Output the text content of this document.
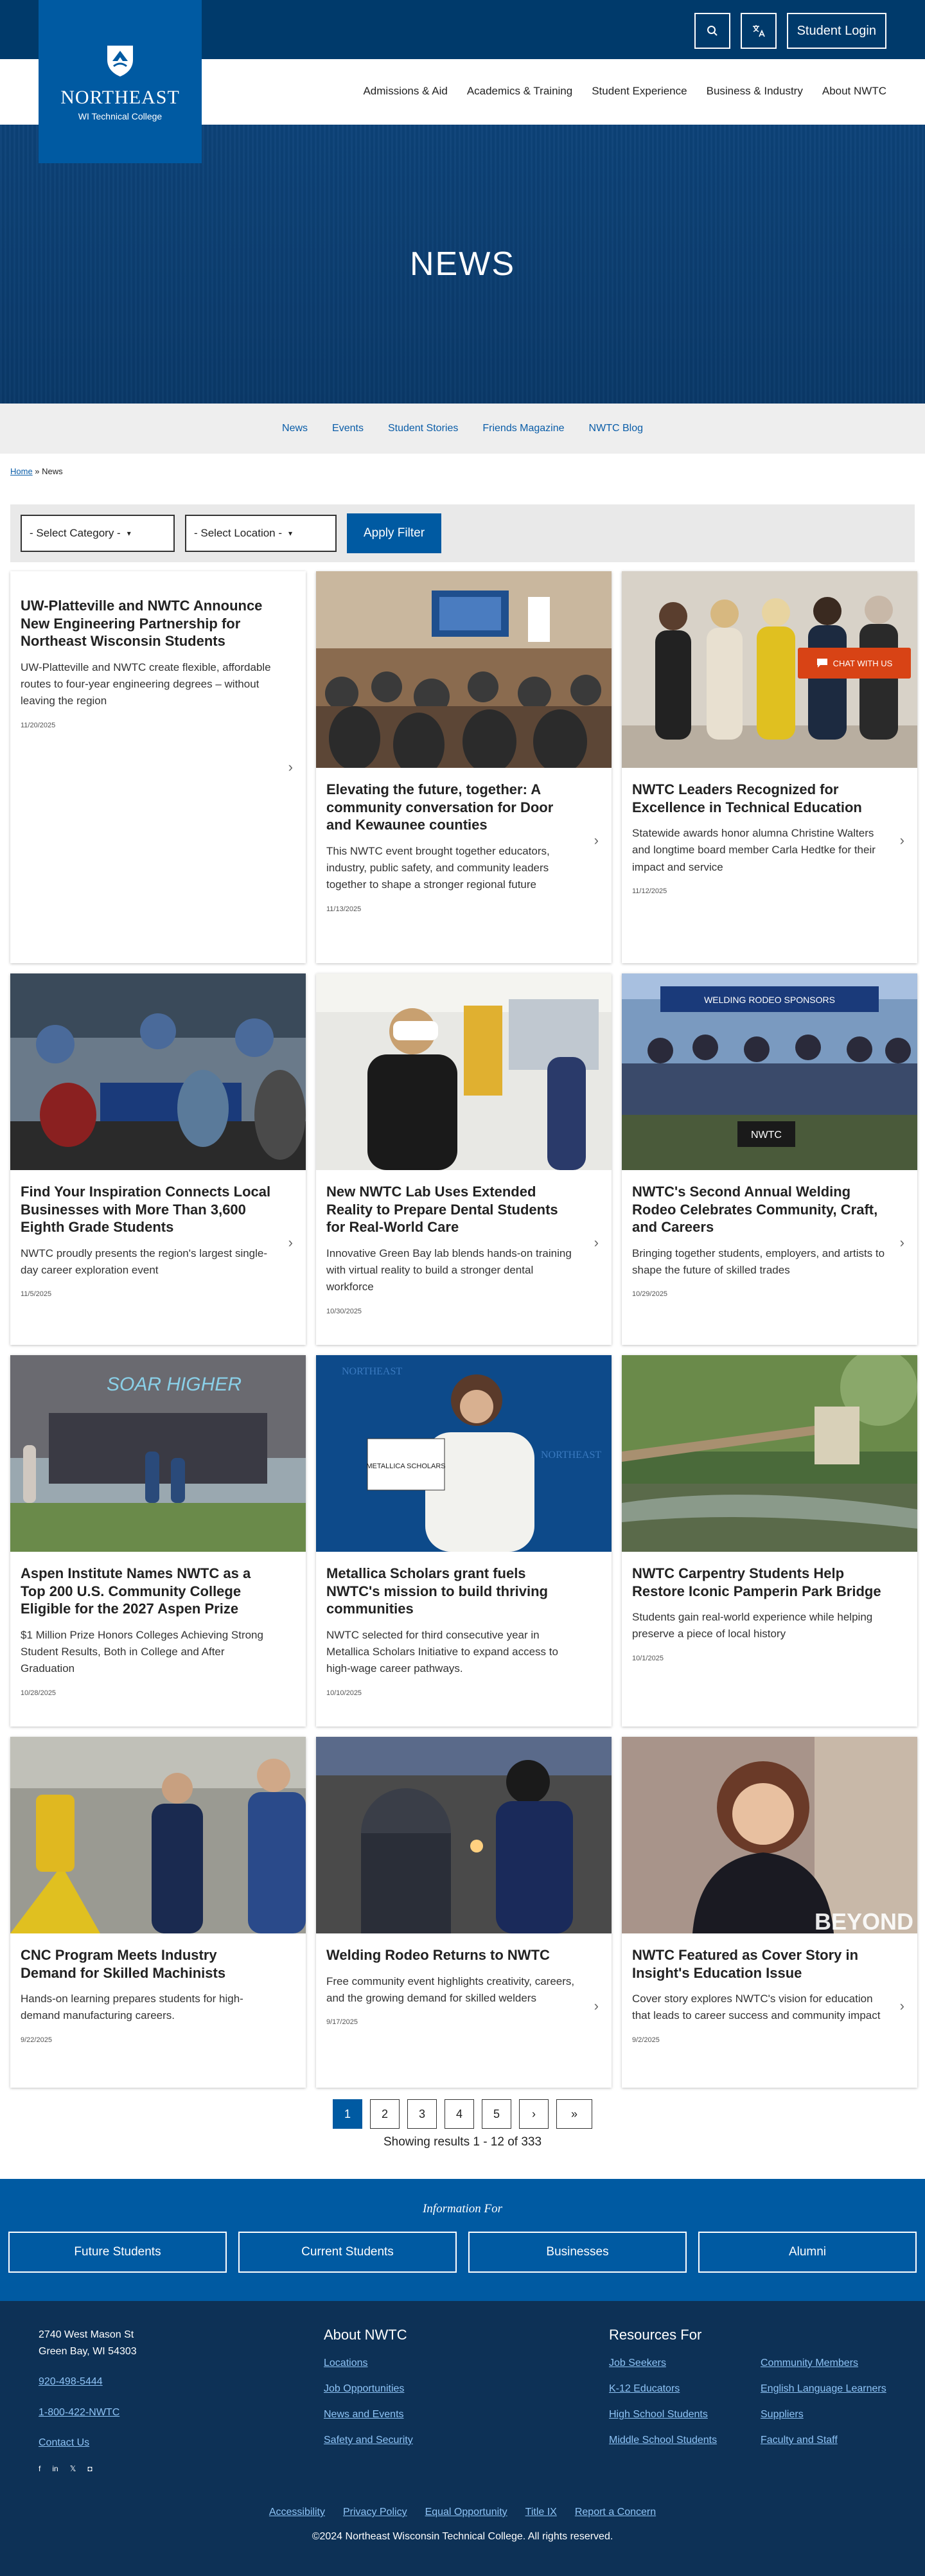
Student Login
NORTHEAST
WI Technical College
Admissions & Aid Academics & Training Student Experience Business & Industry About NWTC
NEWS
News Events Student Stories Friends Magazine NWTC Blog
Home » News
- Select Category - ▾	- Select Location - ▾	Apply Filter
UW-Platteville and NWTC Announce New Engineering Partnership for Northeast Wisconsin Students

UW-Platteville and NWTC create flexible, affordable routes to four-year engineering degrees – without leaving the region

11/20/2025
›
Elevating the future, together: A community conversation for Door and Kewaunee counties

This NWTC event brought together educators, industry, public safety, and community leaders together to shape a stronger regional future

11/13/2025
›
NWTC Leaders Recognized for Excellence in Technical Education

Statewide awards honor alumna Christine Walters and longtime board member Carla Hedtke for their impact and service

11/12/2025
›
Find Your Inspiration Connects Local Businesses with More Than 3,600 Eighth Grade Students

NWTC proudly presents the region's largest single-day career exploration event

11/5/2025
›
New NWTC Lab Uses Extended Reality to Prepare Dental Students for Real-World Care

Innovative Green Bay lab blends hands-on training with virtual reality to build a stronger dental workforce

10/30/2025
›
WELDING RODEO SPONSORS
NWTC
NWTC's Second Annual Welding Rodeo Celebrates Community, Craft, and Careers

Bringing together students, employers, and artists to shape the future of skilled trades

10/29/2025
›
SOAR HIGHER
Aspen Institute Names NWTC as a Top 200 U.S. Community College Eligible for the 2027 Aspen Prize

$1 Million Prize Honors Colleges Achieving Strong Student Results, Both in College and After Graduation

10/28/2025
NORTHEAST
NORTHEAST
METALLICA SCHOLARS
Metallica Scholars grant fuels NWTC's mission to build thriving communities

NWTC selected for third consecutive year in Metallica Scholars Initiative to expand access to high-wage career pathways.

10/10/2025
NWTC Carpentry Students Help Restore Iconic Pamperin Park Bridge

Students gain real-world experience while helping preserve a piece of local history

10/1/2025
CNC Program Meets Industry Demand for Skilled Machinists

Hands-on learning prepares students for high-demand manufacturing careers.

9/22/2025
Welding Rodeo Returns to NWTC

Free community event highlights creativity, careers, and the growing demand for skilled welders

9/17/2025
›
BEYOND
NWTC Featured as Cover Story in Insight's Education Issue

Cover story explores NWTC's vision for education that leads to career success and community impact

9/2/2025
›
CHAT WITH US
1	2	3	4	5	›	»
Showing results 1 - 12 of 333
Information For
Future Students	Current Students	Businesses	Alumni
2740 West Mason St
Green Bay, WI 54303
920-498-5444
1-800-422-NWTC
Contact Us
f in 𝕏 ◘
About NWTC
Locations
Job Opportunities
News and Events
Safety and Security
Resources For
Job Seekers
K-12 Educators
High School Students
Middle School Students
Community Members
English Language Learners
Suppliers
Faculty and Staff
Accessibility Privacy Policy Equal Opportunity Title IX Report a Concern
©2024 Northeast Wisconsin Technical College. All rights reserved.
